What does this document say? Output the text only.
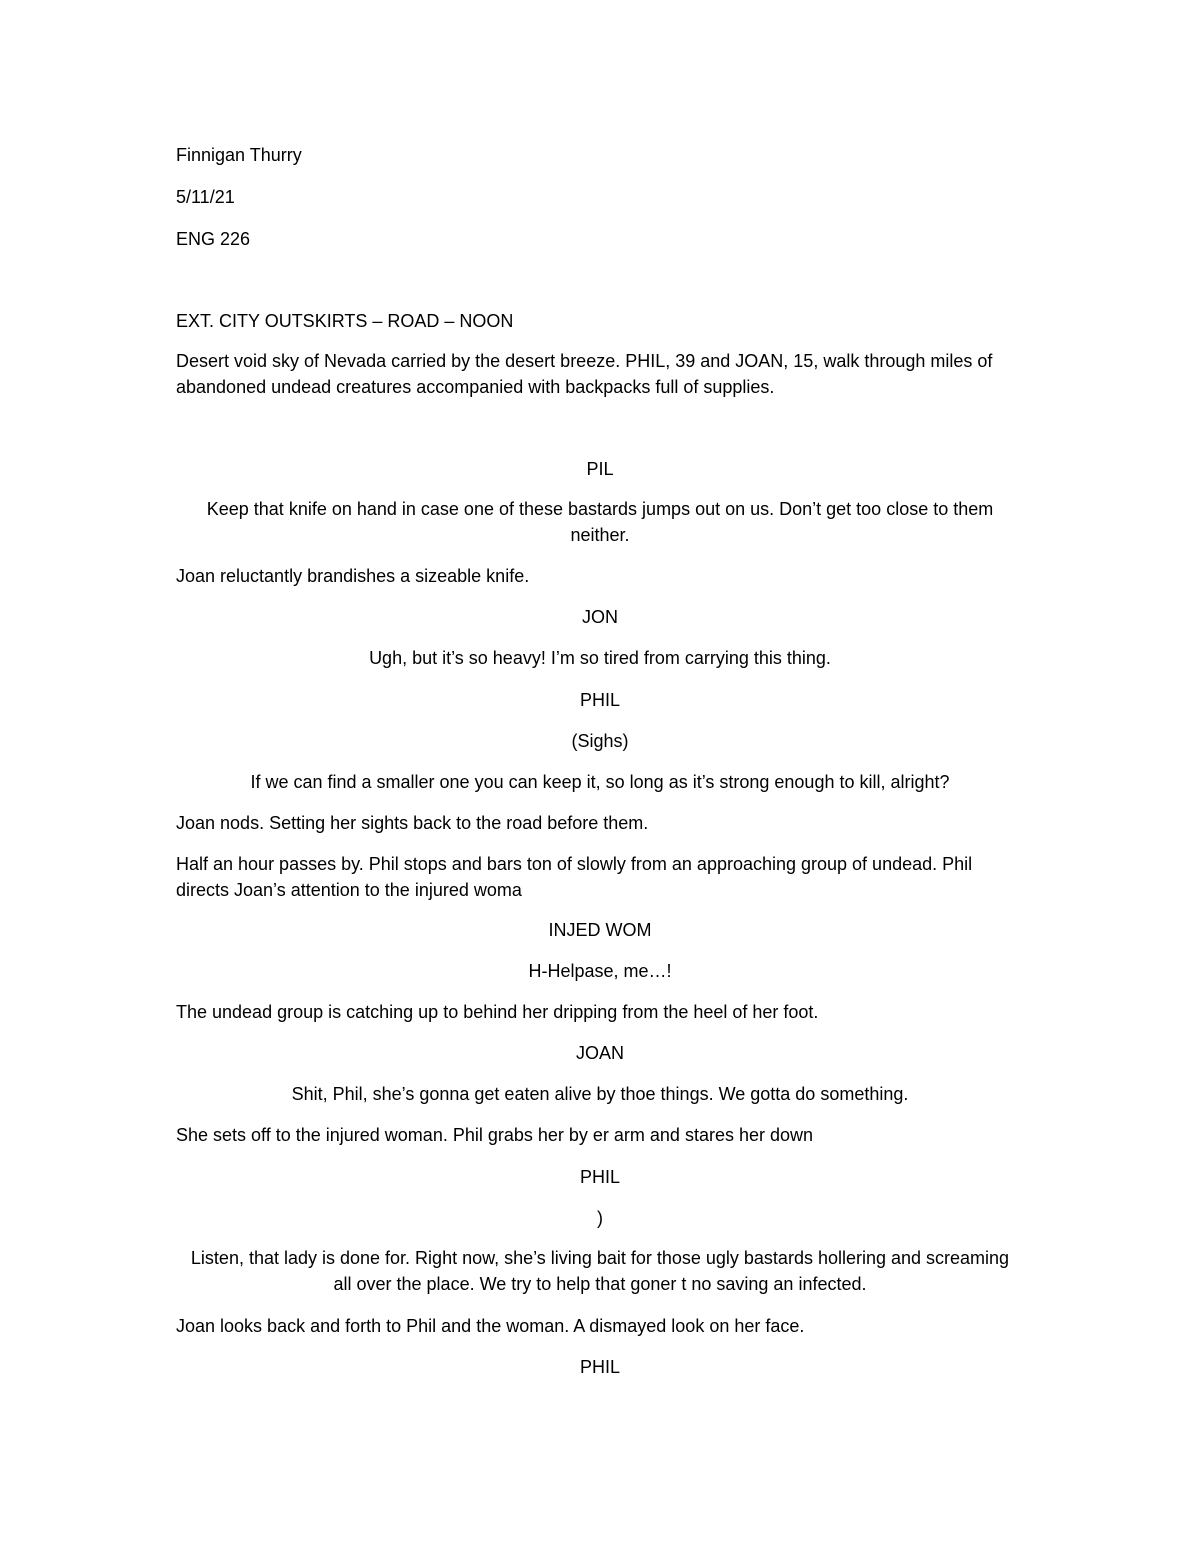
Finnigan Thurry
5/11/21
ENG 226
EXT. CITY OUTSKIRTS – ROAD – NOON
Desert void sky of Nevada carried by the desert breeze. PHIL, 39 and JOAN, 15, walk through miles of abandoned undead creatures accompanied with backpacks full of supplies.
PIL
Keep that knife on hand in case one of these bastards jumps out on us. Don’t get too close to them neither.
Joan reluctantly brandishes a sizeable knife.
JON
Ugh, but it’s so heavy! I’m so tired from carrying this thing.
PHIL
(Sighs)
If we can find a smaller one you can keep it, so long as it’s strong enough to kill, alright?
Joan nods. Setting her sights back to the road before them.
Half an hour passes by. Phil stops and bars ton of slowly from an approaching group of undead. Phil directs Joan’s attention to the injured woma
INJED WOM
H-Helpase, me…!
The undead group is catching up to behind her dripping from the heel of her foot.
JOAN
Shit, Phil, she’s gonna get eaten alive by thoe things. We gotta do something.
She sets off to the injured woman. Phil grabs her by er arm and stares her down
PHIL
)
Listen, that lady is done for. Right now, she’s living bait for those ugly bastards hollering and screaming all over the place. We try to help that goner t no saving an infected.
Joan looks back and forth to Phil and the woman. A dismayed look on her face.
PHIL
